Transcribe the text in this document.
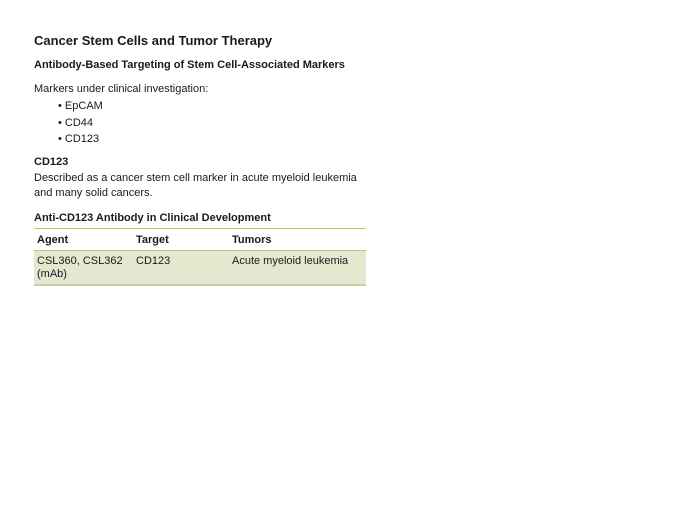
Cancer Stem Cells and Tumor Therapy
Antibody-Based Targeting of Stem Cell-Associated Markers

Markers under clinical investigation:

• EpCAM
• CD44
• CD123
CD123

Described as a cancer stem cell marker in acute myeloid leukemia and many solid cancers.

Anti-CD123 Antibody in Clinical Development
Agent	Target	Tumors
CSL360, CSL362 (mAb)	CD123	Acute myeloid leukemia
